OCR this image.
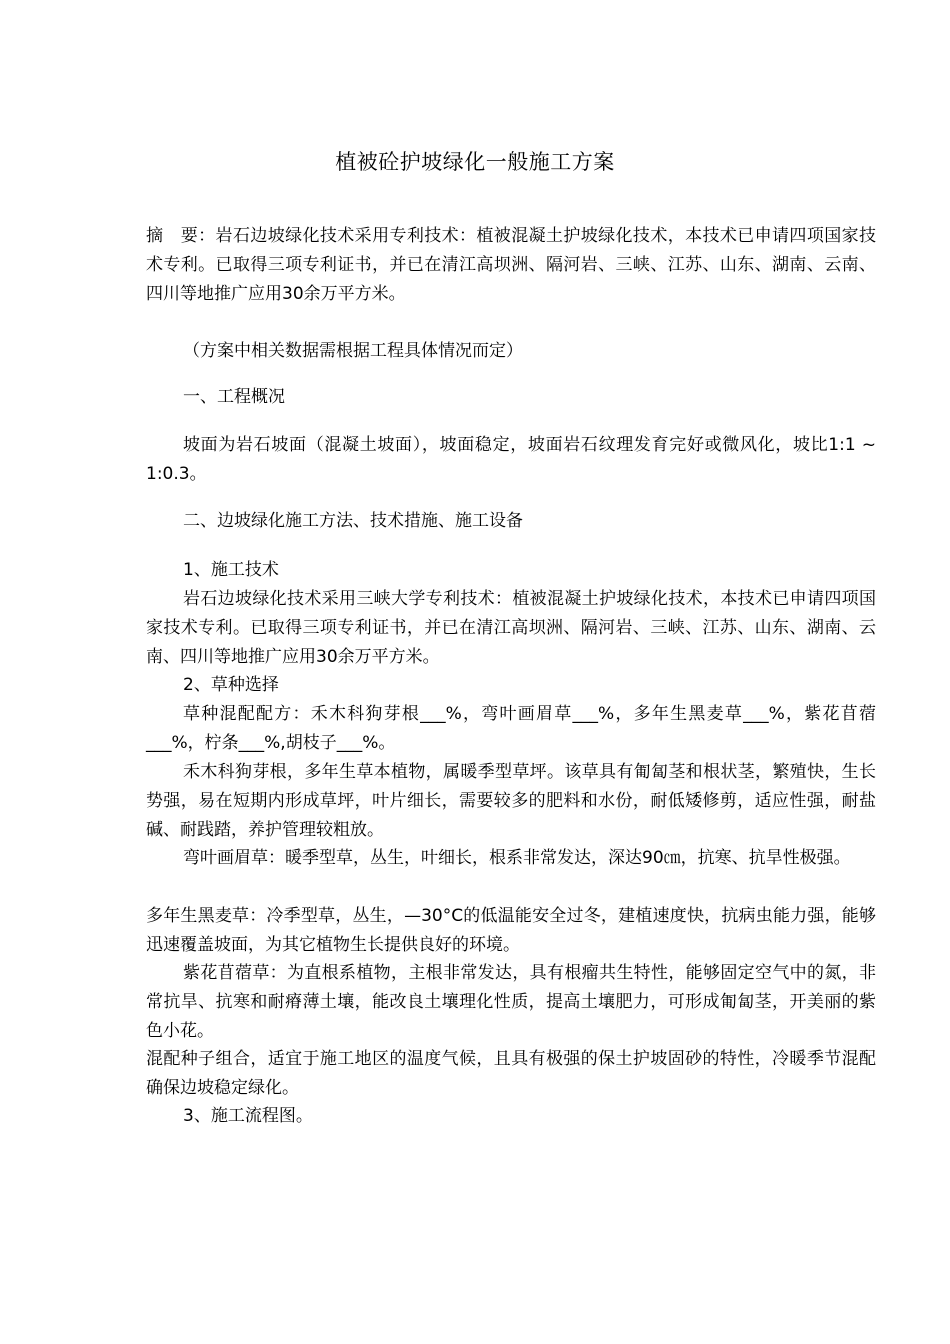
植被砼护坡绿化一般施工方案

摘　要：岩石边坡绿化技术采用专利技术：植被混凝土护坡绿化技术，本技术已申请四项国家技术专利。已取得三项专利证书，并已在清江高坝洲、隔河岩、三峡、江苏、山东、湖南、云南、四川等地推广应用30余万平方米。

（方案中相关数据需根据工程具体情况而定）

一、工程概况

坡面为岩石坡面（混凝土坡面），坡面稳定，坡面岩石纹理发育完好或微风化，坡比1:1 ~ 1:0.3。

二、边坡绿化施工方法、技术措施、施工设备

1、施工技术

岩石边坡绿化技术采用三峡大学专利技术：植被混凝土护坡绿化技术，本技术已申请四项国家技术专利。已取得三项专利证书，并已在清江高坝洲、隔河岩、三峡、江苏、山东、湖南、云南、四川等地推广应用30余万平方米。

2、草种选择

草种混配配方：禾木科狗芽根___%，弯叶画眉草___%，多年生黑麦草___%，紫花苜蓿___%，柠条___%,胡枝子___%。

禾木科狗芽根，多年生草本植物，属暖季型草坪。该草具有匍匐茎和根状茎，繁殖快，生长势强，易在短期内形成草坪，叶片细长，需要较多的肥料和水份，耐低矮修剪，适应性强，耐盐碱、耐践踏，养护管理较粗放。

弯叶画眉草：暖季型草，丛生，叶细长，根系非常发达，深达90㎝，抗寒、抗旱性极强。

多年生黑麦草：冷季型草，丛生，—30°C的低温能安全过冬，建植速度快，抗病虫能力强，能够迅速覆盖坡面，为其它植物生长提供良好的环境。

紫花苜蓿草：为直根系植物，主根非常发达，具有根瘤共生特性，能够固定空气中的氮，非常抗旱、抗寒和耐瘠薄土壤，能改良土壤理化性质，提高土壤肥力，可形成匍匐茎，开美丽的紫色小花。

混配种子组合，适宜于施工地区的温度气候，且具有极强的保土护坡固砂的特性，冷暖季节混配确保边坡稳定绿化。

3、施工流程图。
